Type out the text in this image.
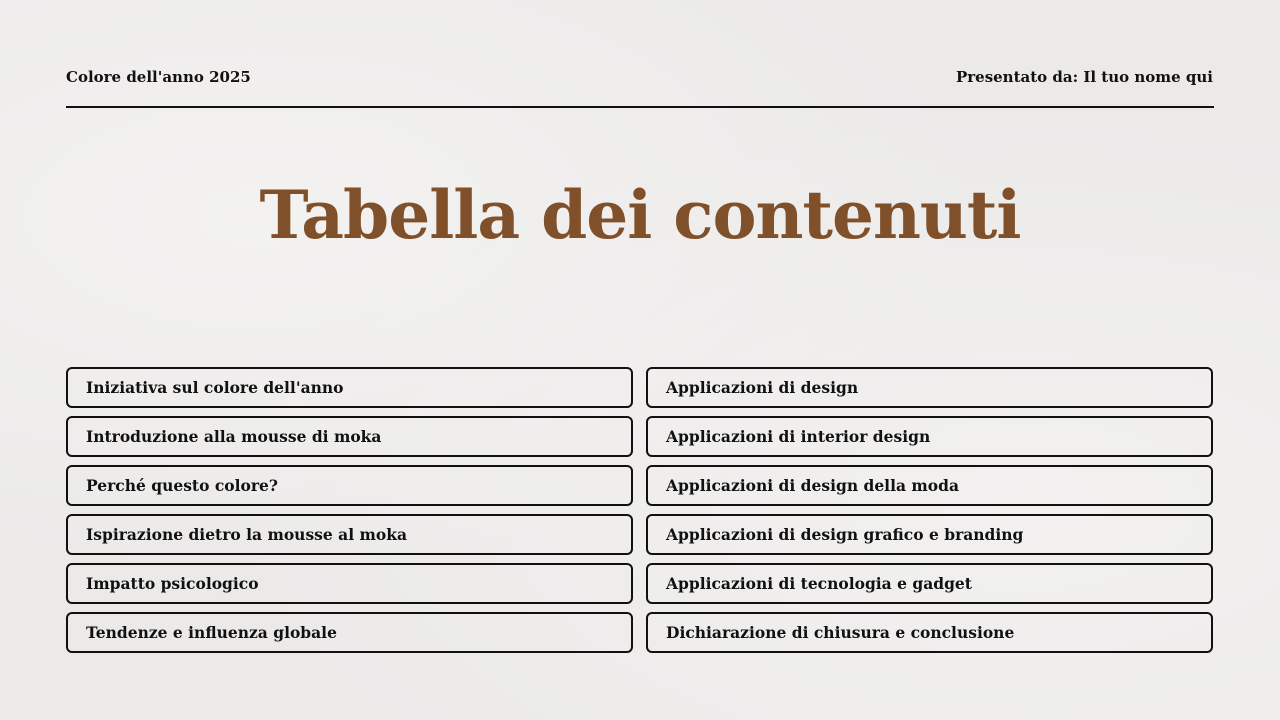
Colore dell'anno 2025	Presentato da: Il tuo nome qui
Tabella dei contenuti
Iniziativa sul colore dell'anno
Introduzione alla mousse di moka
Perché questo colore?
Ispirazione dietro la mousse al moka
Impatto psicologico
Tendenze e influenza globale
Applicazioni di design
Applicazioni di interior design
Applicazioni di design della moda
Applicazioni di design grafico e branding
Applicazioni di tecnologia e gadget
Dichiarazione di chiusura e conclusione
